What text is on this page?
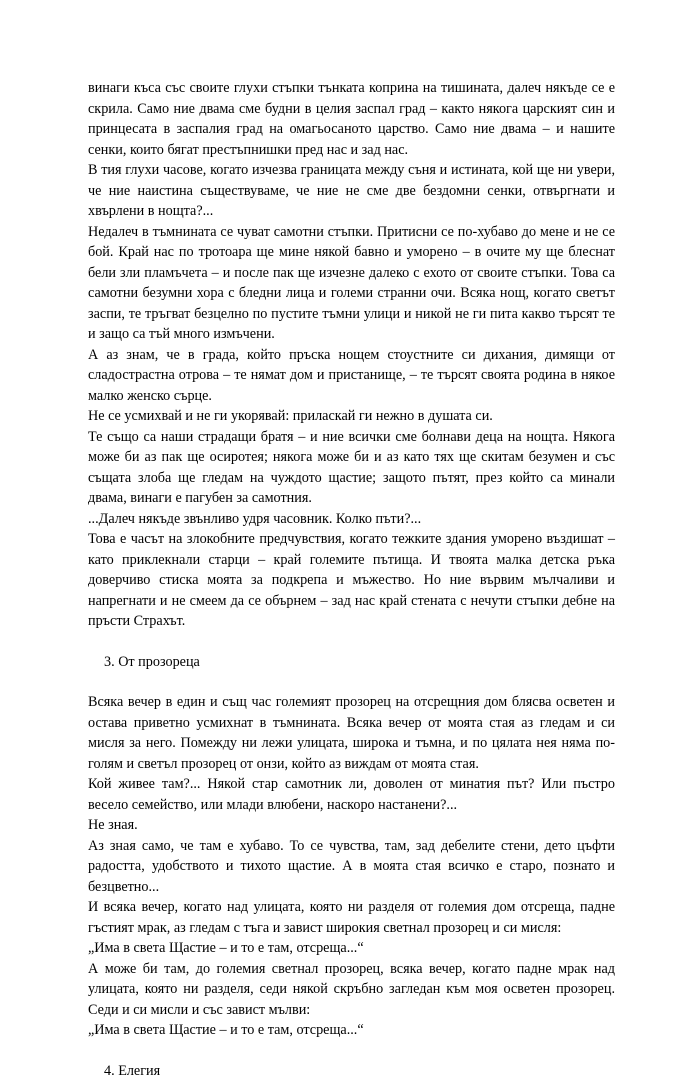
винаги къса със своите глухи стъпки тънката коприна на тишината, далеч някъде се е скрила. Само ние двама сме будни в целия заспал град – както някога царският син и принцесата в заспалия град на омагьосаното царство. Само ние двама – и нашите сенки, които бягат престъпнишки пред нас и зад нас.

В тия глухи часове, когато изчезва границата между съня и истината, кой ще ни увери, че ние наистина съществуваме, че ние не сме две бездомни сенки, отвъргнати и хвърлени в нощта?...

Недалеч в тъмнината се чуват самотни стъпки. Притисни се по-хубаво до мене и не се бой. Край нас по тротоара ще мине някой бавно и уморено – в очите му ще блеснат бели зли пламъчета – и после пак ще изчезне далеко с ехото от своите стъпки. Това са самотни безумни хора с бледни лица и големи странни очи. Всяка нощ, когато светът заспи, те тръгват безцелно по пустите тъмни улици и никой не ги пита какво търсят те и защо са тъй много измъчени.

А аз знам, че в града, който пръска нощем стоустните си дихания, димящи от сладострастна отрова – те нямат дом и пристанище, – те търсят своята родина в някое малко женско сърце.

Не се усмихвай и не ги укорявай: приласкай ги нежно в душата си.

Те също са наши страдащи братя – и ние всички сме болнави деца на нощта. Някога може би аз пак ще осиротея; някога може би и аз като тях ще скитам безумен и със същата злоба ще гледам на чуждото щастие; защото пътят, през който са минали двама, винаги е пагубен за самотния.

...Далеч някъде звънливо удря часовник. Колко пъти?...

Това е часът на злокобните предчувствия, когато тежките здания уморено въздишат – като приклекнали старци – край големите пътища. И твоята малка детска ръка доверчиво стиска моята за подкрепа и мъжество. Но ние вървим мълчаливи и напрегнати и не смеем да се обърнем – зад нас край стената с нечути стъпки дебне на пръсти Страхът.

3. От прозореца

Всяка вечер в един и същ час големият прозорец на отсрещния дом блясва осветен и остава приветно усмихнат в тъмнината. Всяка вечер от моята стая аз гледам и си мисля за него. Помежду ни лежи улицата, широка и тъмна, и по цялата нея няма по-голям и светъл прозорец от онзи, който аз виждам от моята стая.

Кой живее там?... Някой стар самотник ли, доволен от минатия път? Или пъстро весело семейство, или млади влюбени, наскоро настанени?...

Не зная.

Аз зная само, че там е хубаво. То се чувства, там, зад дебелите стени, дето цъфти радостта, удобството и тихото щастие. А в моята стая всичко е старо, познато и безцветно...

И всяка вечер, когато над улицата, която ни разделя от големия дом отсреща, падне гъстият мрак, аз гледам с тъга и завист широкия светнал прозорец и си мисля:

„Има в света Щастие – и то е там, отсреща...“

А може би там, до големия светнал прозорец, всяка вечер, когато падне мрак над улицата, която ни разделя, седи някой скръбно загледан към моя осветен прозорец. Седи и си мисли и със завист мълви:

„Има в света Щастие – и то е там, отсреща...“

4. Елегия
